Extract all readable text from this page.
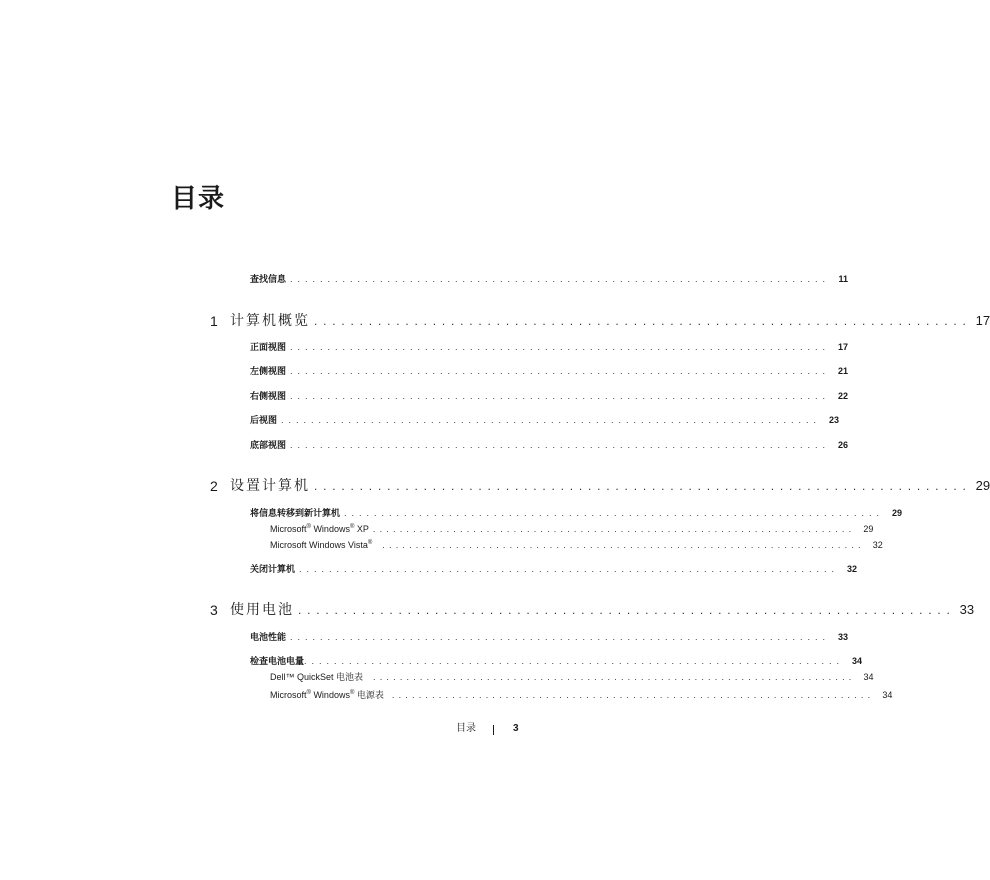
目录
查找信息 ........................................................................ 11
1 计算机概览 ........................................................................ 17
正面视图 ........................................................................ 17
左侧视图 ........................................................................ 21
右侧视图 ........................................................................ 22
后视图 ........................................................................ 23
底部视图 ........................................................................ 26
2 设置计算机 ........................................................................ 29
将信息转移到新计算机 ........................................................................ 29
Microsoft® Windows® XP ........................................................................ 29
Microsoft Windows Vista® ........................................................................ 32
关闭计算机 ........................................................................ 32
3 使用电池 ........................................................................ 33
电池性能 ........................................................................ 33
检查电池电量 ........................................................................ 34
Dell™ QuickSet 电池表 ........................................................................ 34
Microsoft® Windows® 电源表 ........................................................................ 34
目录	3
